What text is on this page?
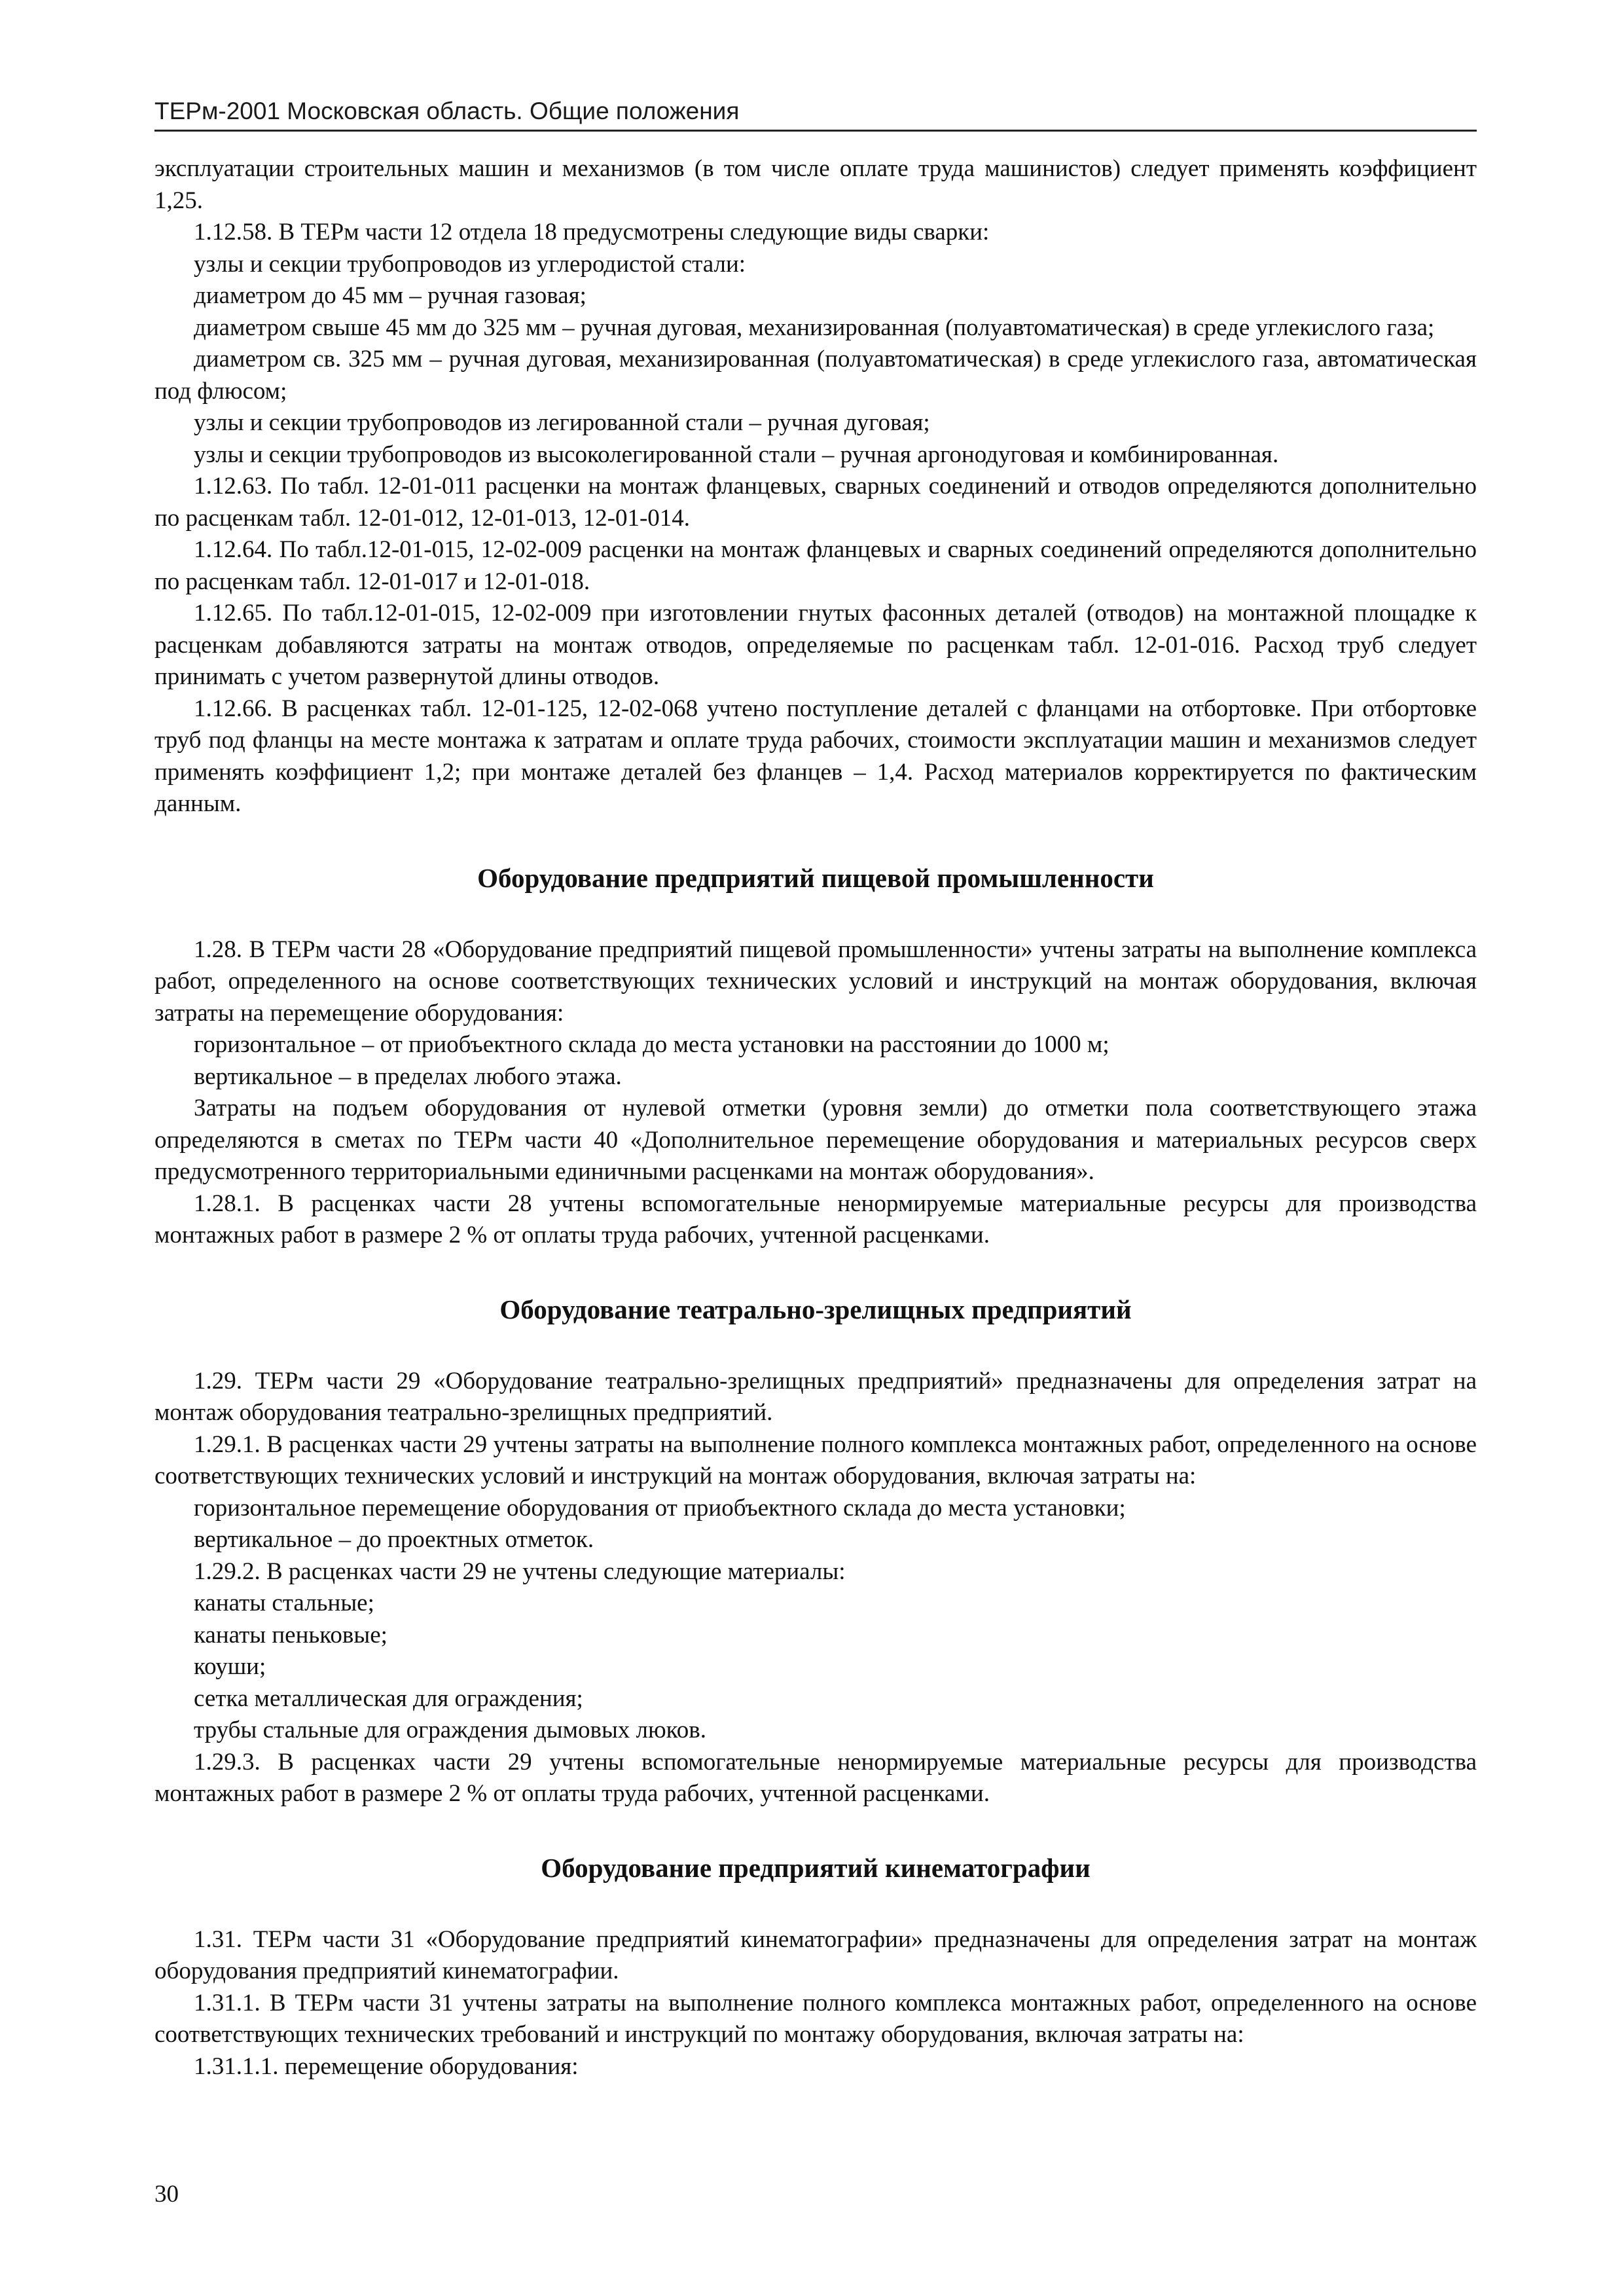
ТЕРм-2001 Московская область. Общие положения

эксплуатации строительных машин и механизмов (в том числе оплате труда машинистов) следует применять коэффициент 1,25.

1.12.58. В ТЕРм части 12 отдела 18 предусмотрены следующие виды сварки:

узлы и секции трубопроводов из углеродистой стали:

диаметром до 45 мм – ручная газовая;

диаметром свыше 45 мм до 325 мм – ручная дуговая, механизированная (полуавтоматическая) в среде углекислого газа;

диаметром св. 325 мм – ручная дуговая, механизированная (полуавтоматическая) в среде углекислого газа, автоматическая под флюсом;

узлы и секции трубопроводов из легированной стали – ручная дуговая;

узлы и секции трубопроводов из высоколегированной стали – ручная аргонодуговая и комбинированная.

1.12.63. По табл. 12-01-011 расценки на монтаж фланцевых, сварных соединений и отводов определяются дополнительно по расценкам табл. 12-01-012, 12-01-013, 12-01-014.

1.12.64. По табл.12-01-015, 12-02-009 расценки на монтаж фланцевых и сварных соединений определяются дополнительно по расценкам табл. 12-01-017 и 12-01-018.

1.12.65. По табл.12-01-015, 12-02-009 при изготовлении гнутых фасонных деталей (отводов) на монтажной площадке к расценкам добавляются затраты на монтаж отводов, определяемые по расценкам табл. 12-01-016. Расход труб следует принимать с учетом развернутой длины отводов.

1.12.66. В расценках табл. 12-01-125, 12-02-068 учтено поступление деталей с фланцами на отбортовке. При отбортовке труб под фланцы на месте монтажа к затратам и оплате труда рабочих, стоимости эксплуатации машин и механизмов следует применять коэффициент 1,2; при монтаже деталей без фланцев – 1,4. Расход материалов корректируется по фактическим данным.

Оборудование предприятий пищевой промышленности

1.28. В ТЕРм части 28 «Оборудование предприятий пищевой промышленности» учтены затраты на выполнение комплекса работ, определенного на основе соответствующих технических условий и инструкций на монтаж оборудования, включая затраты на перемещение оборудования:

горизонтальное – от приобъектного склада до места установки на расстоянии до 1000 м;

вертикальное – в пределах любого этажа.

Затраты на подъем оборудования от нулевой отметки (уровня земли) до отметки пола соответствующего этажа определяются в сметах по ТЕРм части 40 «Дополнительное перемещение оборудования и материальных ресурсов сверх предусмотренного территориальными единичными расценками на монтаж оборудования».

1.28.1. В расценках части 28 учтены вспомогательные ненормируемые материальные ресурсы для производства монтажных работ в размере 2 % от оплаты труда рабочих, учтенной расценками.

Оборудование театрально-зрелищных предприятий

1.29. ТЕРм части 29 «Оборудование театрально-зрелищных предприятий» предназначены для определения затрат на монтаж оборудования театрально-зрелищных предприятий.

1.29.1. В расценках части 29 учтены затраты на выполнение полного комплекса монтажных работ, определенного на основе соответствующих технических условий и инструкций на монтаж оборудования, включая затраты на:

горизонтальное перемещение оборудования от приобъектного склада до места установки;

вертикальное – до проектных отметок.

1.29.2. В расценках части 29 не учтены следующие материалы:

канаты стальные;

канаты пеньковые;

коуши;

сетка металлическая для ограждения;

трубы стальные для ограждения дымовых люков.

1.29.3. В расценках части 29 учтены вспомогательные ненормируемые материальные ресурсы для производства монтажных работ в размере 2 % от оплаты труда рабочих, учтенной расценками.

Оборудование предприятий кинематографии

1.31. ТЕРм части 31 «Оборудование предприятий кинематографии» предназначены для определения затрат на монтаж оборудования предприятий кинематографии.

1.31.1. В ТЕРм части 31 учтены затраты на выполнение полного комплекса монтажных работ, определенного на основе соответствующих технических требований и инструкций по монтажу оборудования, включая затраты на:

1.31.1.1. перемещение оборудования:

30
